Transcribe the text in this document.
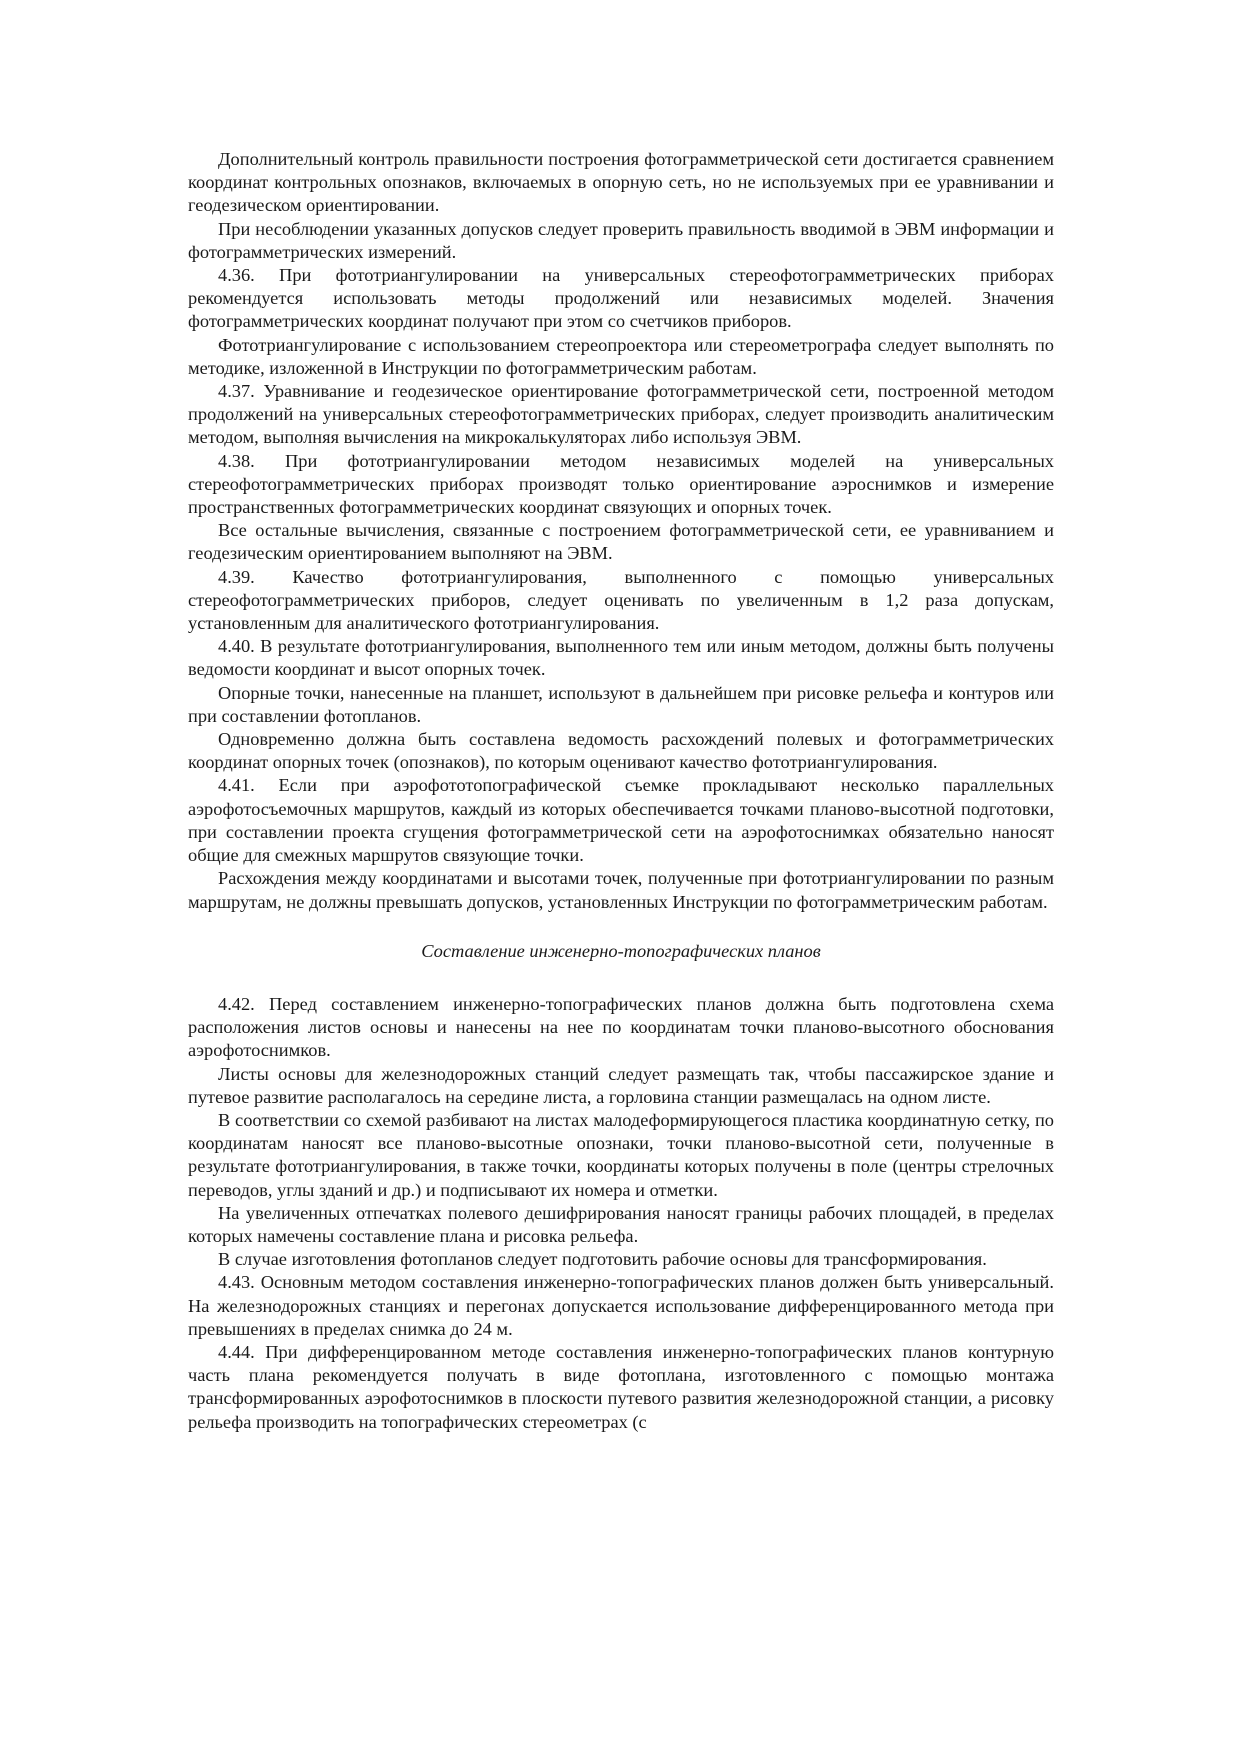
Дополнительный контроль правильности построения фотограмметрической сети достигается сравнением координат контрольных опознаков, включаемых в опорную сеть, но не используемых при ее уравнивании и геодезическом ориентировании.

При несоблюдении указанных допусков следует проверить правильность вводимой в ЭВМ информации и фотограмметрических измерений.

4.36. При фототриангулировании на универсальных стереофотограмметрических приборах рекомендуется использовать методы продолжений или независимых моделей. Значения фотограмметрических координат получают при этом со счетчиков приборов.

Фототриангулирование с использованием стереопроектора или стереометрографа следует выполнять по методике, изложенной в Инструкции по фотограмметрическим работам.

4.37. Уравнивание и геодезическое ориентирование фотограмметрической сети, построенной методом продолжений на универсальных стереофотограмметрических приборах, следует производить аналитическим методом, выполняя вычисления на микрокалькуляторах либо используя ЭВМ.

4.38. При фототриангулировании методом независимых моделей на универсальных стереофотограмметрических приборах производят только ориентирование аэроснимков и измерение пространственных фотограмметрических координат связующих и опорных точек.

Все остальные вычисления, связанные с построением фотограмметрической сети, ее уравниванием и геодезическим ориентированием выполняют на ЭВМ.

4.39. Качество фототриангулирования, выполненного с помощью универсальных стереофотограмметрических приборов, следует оценивать по увеличенным в 1,2 раза допускам, установленным для аналитического фототриангулирования.

4.40. В результате фототриангулирования, выполненного тем или иным методом, должны быть получены ведомости координат и высот опорных точек.

Опорные точки, нанесенные на планшет, используют в дальнейшем при рисовке рельефа и контуров или при составлении фотопланов.

Одновременно должна быть составлена ведомость расхождений полевых и фотограмметрических координат опорных точек (опознаков), по которым оценивают качество фототриангулирования.

4.41. Если при аэрофототопографической съемке прокладывают несколько параллельных аэрофотосъемочных маршрутов, каждый из которых обеспечивается точками планово-высотной подготовки, при составлении проекта сгущения фотограмметрической сети на аэрофотоснимках обязательно наносят общие для смежных маршрутов связующие точки.

Расхождения между координатами и высотами точек, полученные при фототриангулировании по разным маршрутам, не должны превышать допусков, установленных Инструкции по фотограмметрическим работам.

Составление инженерно-топографических планов

4.42. Перед составлением инженерно-топографических планов должна быть подготовлена схема расположения листов основы и нанесены на нее по координатам точки планово-высотного обоснования аэрофотоснимков.

Листы основы для железнодорожных станций следует размещать так, чтобы пассажирское здание и путевое развитие располагалось на середине листа, а горловина станции размещалась на одном листе.

В соответствии со схемой разбивают на листах малодеформирующегося пластика координатную сетку, по координатам наносят все планово-высотные опознаки, точки планово-высотной сети, полученные в результате фототриангулирования, в также точки, координаты которых получены в поле (центры стрелочных переводов, углы зданий и др.) и подписывают их номера и отметки.

На увеличенных отпечатках полевого дешифрирования наносят границы рабочих площадей, в пределах которых намечены составление плана и рисовка рельефа.

В случае изготовления фотопланов следует подготовить рабочие основы для трансформирования.

4.43. Основным методом составления инженерно-топографических планов должен быть универсальный. На железнодорожных станциях и перегонах допускается использование дифференцированного метода при превышениях в пределах снимка до 24 м.

4.44. При дифференцированном методе составления инженерно-топографических планов контурную часть плана рекомендуется получать в виде фотоплана, изготовленного с помощью монтажа трансформированных аэрофотоснимков в плоскости путевого развития железнодорожной станции, а рисовку рельефа производить на топографических стереометрах (с
